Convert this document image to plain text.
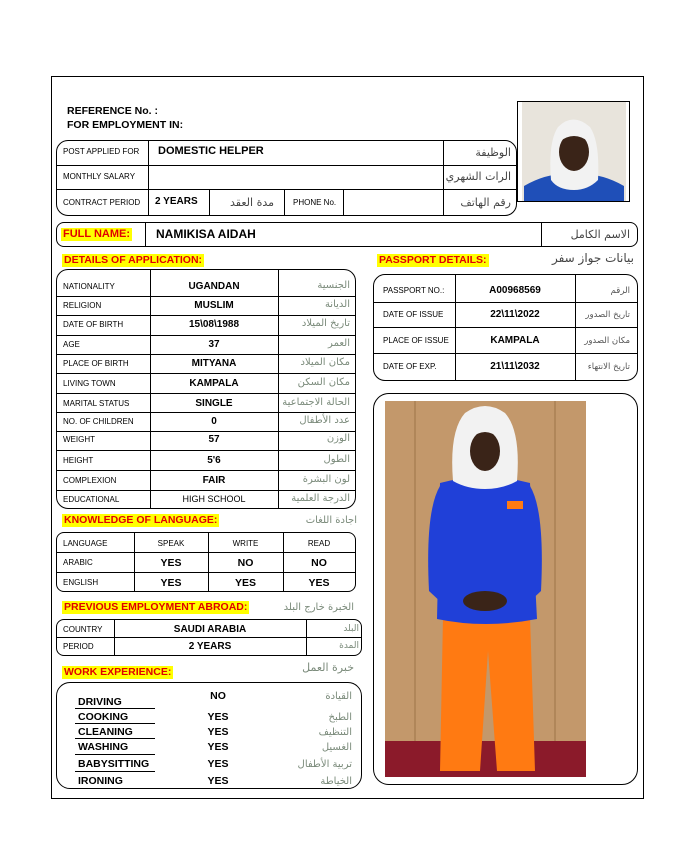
REFERENCE No. :
FOR EMPLOYMENT IN:
POST APPLIED FOR DOMESTIC HELPER	الوظيفة
MONTHLY SALARY	الرات الشهري
CONTRACT PERIOD 2 YEARS	مدة العقد PHONE No.	رقم الهاتف
FULL NAME: NAMIKISA AIDAH	الاسم الكامل
DETAILS OF APPLICATION:
NATIONALITY	UGANDAN	الجنسية
RELIGION	MUSLIM	الديانة
DATE OF BIRTH	15\08\1988	تاريخ الميلاد
AGE	37	العمر
PLACE OF BIRTH	MITYANA	مكان الميلاد
LIVING TOWN	KAMPALA	مكان السكن
MARITAL STATUS	SINGLE	الحالة الاجتماعية
NO. OF CHILDREN	0	عدد الأطفال
WEIGHT	57	الوزن
HEIGHT	5'6	الطول
COMPLEXION	FAIR	لون البشرة
EDUCATIONAL	HIGH SCHOOL	الدرجة العلمية
PASSPORT DETAILS:	بيانات جواز سفر
PASSPORT NO.:	A00968569	الرقم
DATE OF ISSUE	22\11\2022	تاريخ الصدور
PLACE OF ISSUE	KAMPALA	مكان الصدور
DATE OF EXP.	21\11\2032	تاريخ الانتهاء
KNOWLEDGE OF LANGUAGE:	اجادة اللغات
LANGUAGE	SPEAK	WRITE	READ
ARABIC	YES	NO	NO
ENGLISH	YES	YES	YES
PREVIOUS EMPLOYMENT ABROAD:	الخبرة خارج البلد
COUNTRY	SAUDI ARABIA	البلد
PERIOD	2 YEARS	المدة
WORK EXPERIENCE:	خبرة العمل
DRIVING	NO	القيادة
COOKING	YES	الطبخ
CLEANING	YES	التنظيف
WASHING	YES	الغسيل
BABYSITTING	YES	تربية الأطفال
IRONING	YES	الخياطة
